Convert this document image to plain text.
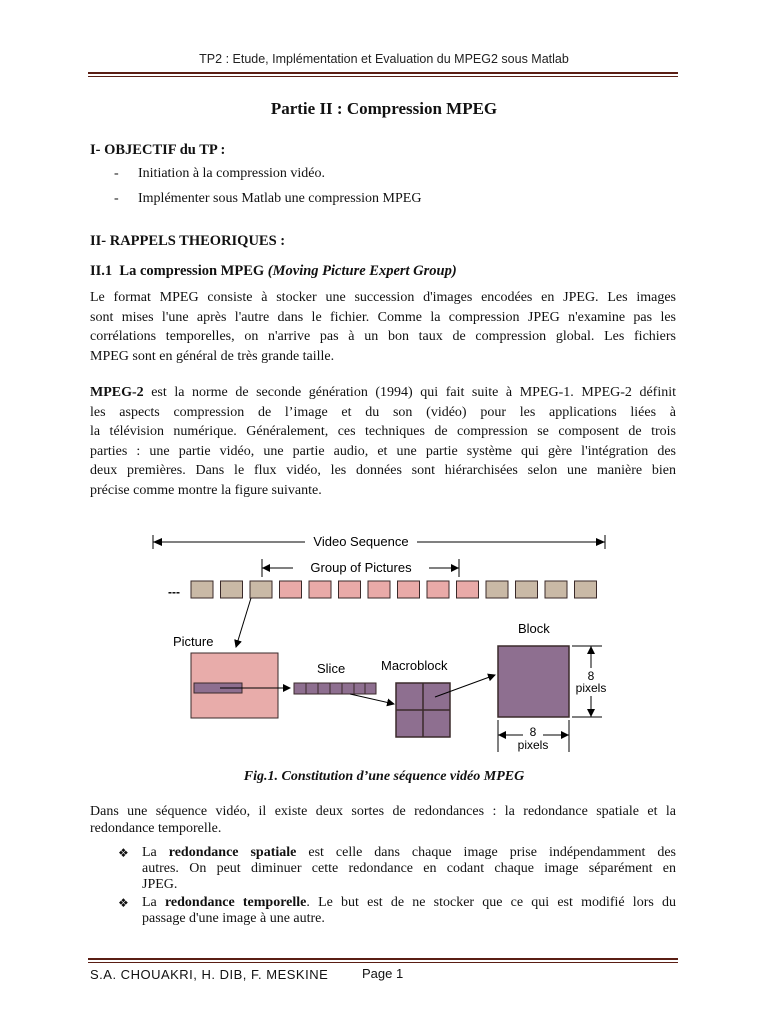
TP2 : Etude, Implémentation et Evaluation du MPEG2 sous Matlab
Partie II : Compression MPEG
I- OBJECTIF du TP :
- Initiation à la compression vidéo.
- Implémenter sous Matlab une compression MPEG
II- RAPPELS THEORIQUES :
II.1 La compression MPEG (Moving Picture Expert Group)
Le format MPEG consiste à stocker une succession d'images encodées en JPEG. Les images
sont mises l'une après l'autre dans le fichier. Comme la compression JPEG n'examine pas les
corrélations temporelles, on n'arrive pas à un bon taux de compression global. Les fichiers
MPEG sont en général de très grande taille.
MPEG-2 est la norme de seconde génération (1994) qui fait suite à MPEG-1. MPEG-2 définit
les aspects compression de l’image et du son (vidéo) pour les applications liées à
la télévision numérique. Généralement, ces techniques de compression se composent de trois
parties : une partie vidéo, une partie audio, et une partie système qui gère l'intégration des
deux premières. Dans le flux vidéo, les données sont hiérarchisées selon une manière bien
précise comme montre la figure suivante.
Video Sequence
Group of Pictures
---
Picture
Slice	Macroblock
Block
8
pixels
8
pixels
Fig.1. Constitution d’une séquence vidéo MPEG
Dans une séquence vidéo, il existe deux sortes de redondances : la redondance spatiale et la
redondance temporelle.
❖ La redondance spatiale est celle dans chaque image prise indépendamment des
autres. On peut diminuer cette redondance en codant chaque image séparément en
JPEG.
❖ La redondance temporelle. Le but est de ne stocker que ce qui est modifié lors du
passage d'une image à une autre.
S.A. CHOUAKRI, H. DIB, F. MESKINE	Page 1
